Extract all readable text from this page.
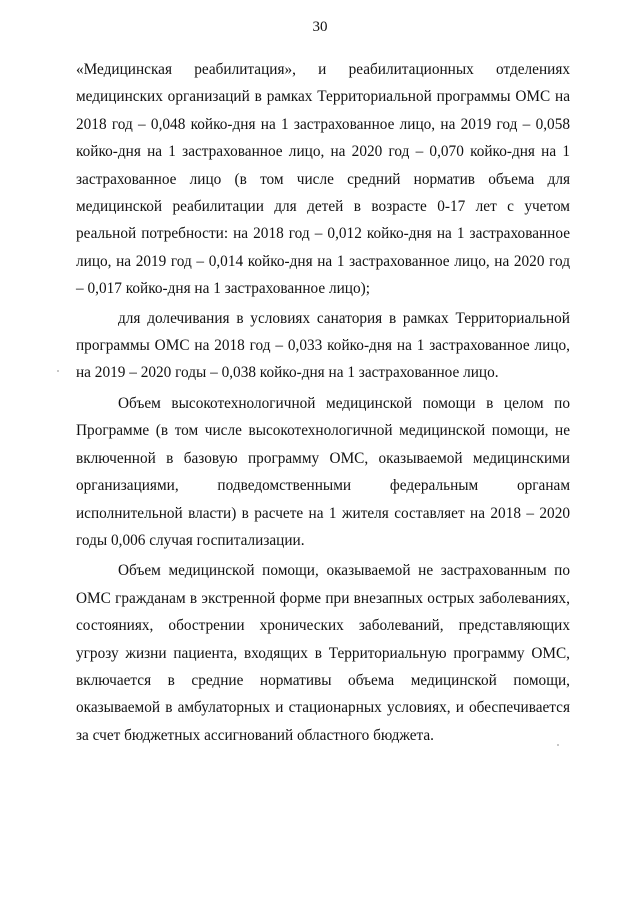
30

«Медицинская реабилитация», и реабилитационных отделениях медицинских организаций в рамках Территориальной программы ОМС на 2018 год – 0,048 койко-дня на 1 застрахованное лицо, на 2019 год – 0,058 койко-дня на 1 застрахованное лицо, на 2020 год – 0,070 койко-дня на 1 застрахованное лицо (в том числе средний норматив объема для медицинской реабилитации для детей в возрасте 0-17 лет с учетом реальной потребности: на 2018 год – 0,012 койко-дня на 1 застрахованное лицо, на 2019 год – 0,014 койко-дня на 1 застрахованное лицо, на 2020 год – 0,017 койко-дня на 1 застрахованное лицо);

для долечивания в условиях санатория в рамках Территориальной программы ОМС на 2018 год – 0,033 койко-дня на 1 застрахованное лицо, на 2019 – 2020 годы – 0,038 койко-дня на 1 застрахованное лицо.

Объем высокотехнологичной медицинской помощи в целом по Программе (в том числе высокотехнологичной медицинской помощи, не включенной в базовую программу ОМС, оказываемой медицинскими организациями, подведомственными федеральным органам исполнительной власти) в расчете на 1 жителя составляет на 2018 – 2020 годы 0,006 случая госпитализации.

Объем медицинской помощи, оказываемой не застрахованным по ОМС гражданам в экстренной форме при внезапных острых заболеваниях, состояниях, обострении хронических заболеваний, представляющих угрозу жизни пациента, входящих в Территориальную программу ОМС, включается в средние нормативы объема медицинской помощи, оказываемой в амбулаторных и стационарных условиях, и обеспечивается за счет бюджетных ассигнований областного бюджета.
